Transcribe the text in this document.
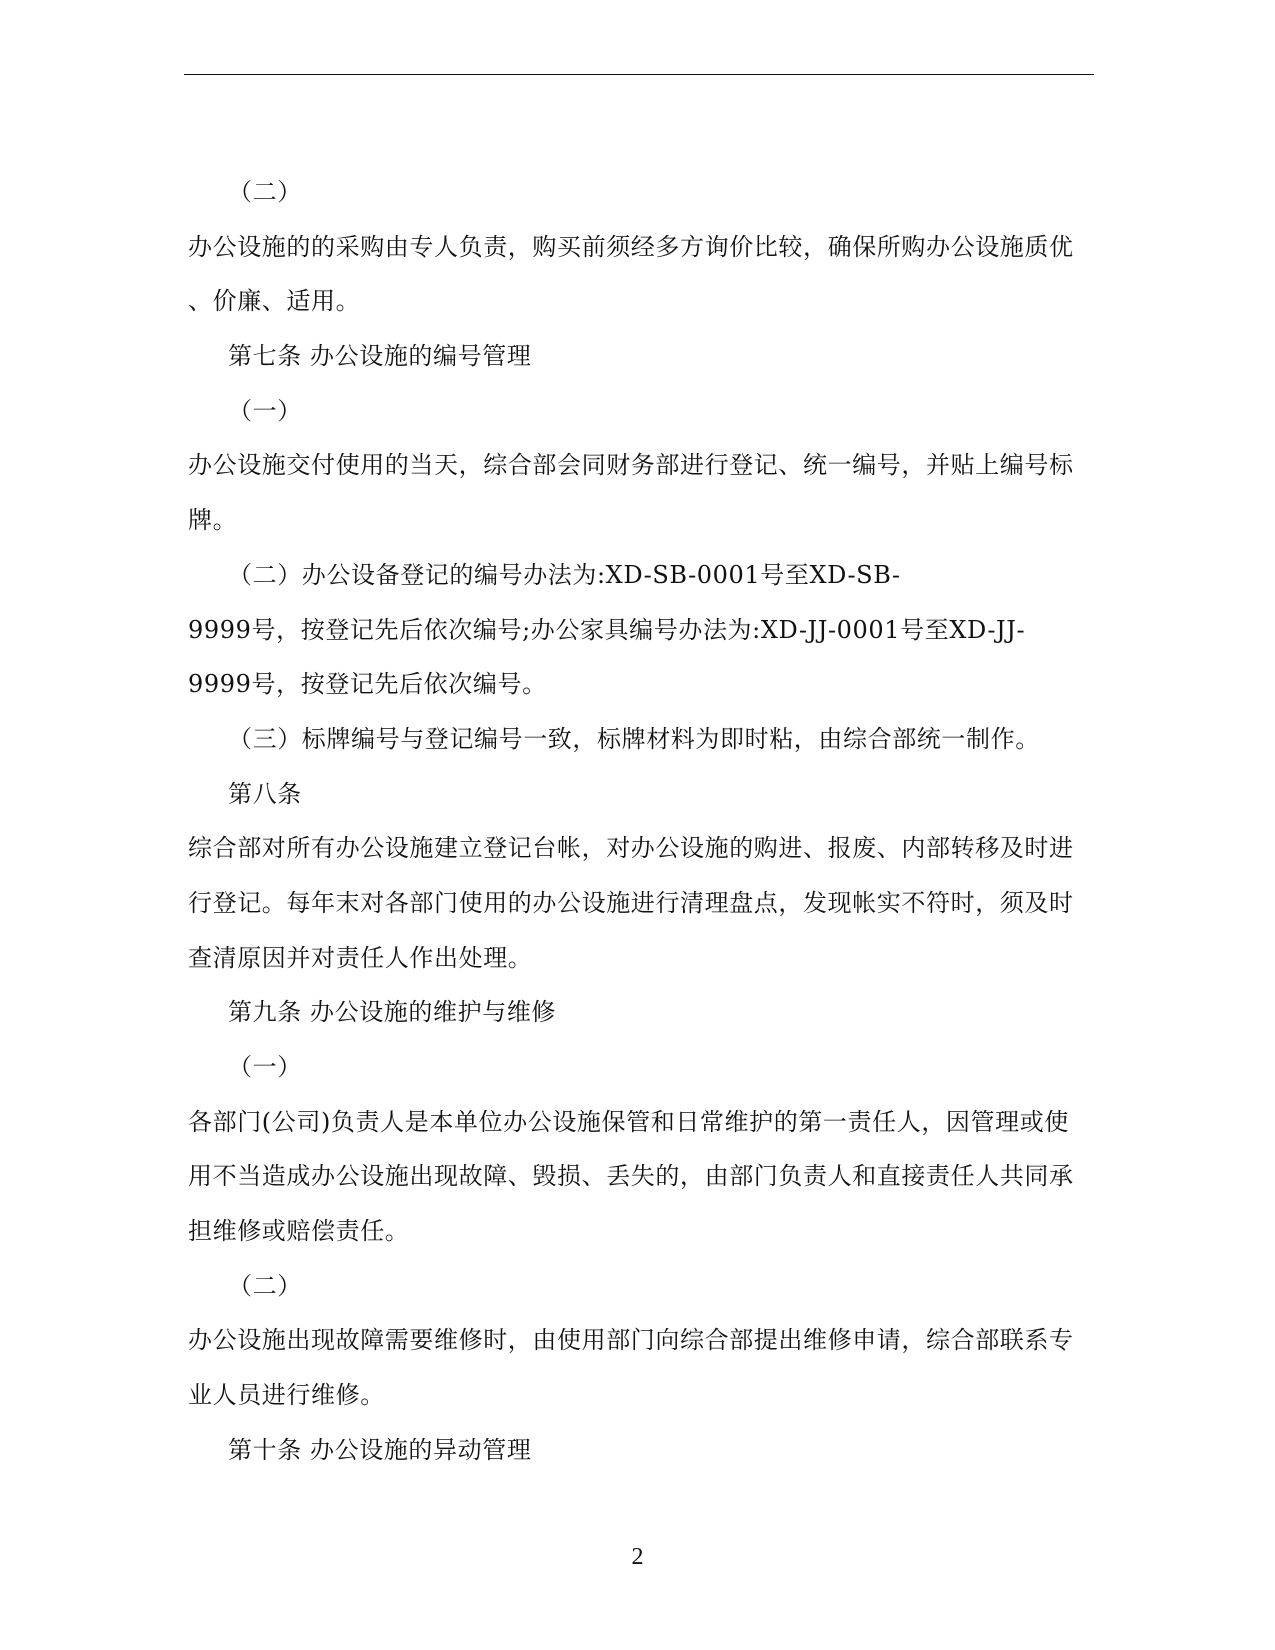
（二）
办公设施的的采购由专人负责，购买前须经多方询价比较，确保所购办公设施质优
、价廉、适用。
第七条 办公设施的编号管理
（一）
办公设施交付使用的当天，综合部会同财务部进行登记、统一编号，并贴上编号标
牌。
（二）办公设备登记的编号办法为:XD-SB-0001号至XD-SB-
9999号，按登记先后依次编号;办公家具编号办法为:XD-JJ-0001号至XD-JJ-
9999号，按登记先后依次编号。
（三）标牌编号与登记编号一致，标牌材料为即时粘，由综合部统一制作。
第八条
综合部对所有办公设施建立登记台帐，对办公设施的购进、报废、内部转移及时进
行登记。每年末对各部门使用的办公设施进行清理盘点，发现帐实不符时，须及时
查清原因并对责任人作出处理。
第九条 办公设施的维护与维修
（一）
各部门(公司)负责人是本单位办公设施保管和日常维护的第一责任人，因管理或使
用不当造成办公设施出现故障、毁损、丢失的，由部门负责人和直接责任人共同承
担维修或赔偿责任。
（二）
办公设施出现故障需要维修时，由使用部门向综合部提出维修申请，综合部联系专
业人员进行维修。
第十条 办公设施的异动管理
2
